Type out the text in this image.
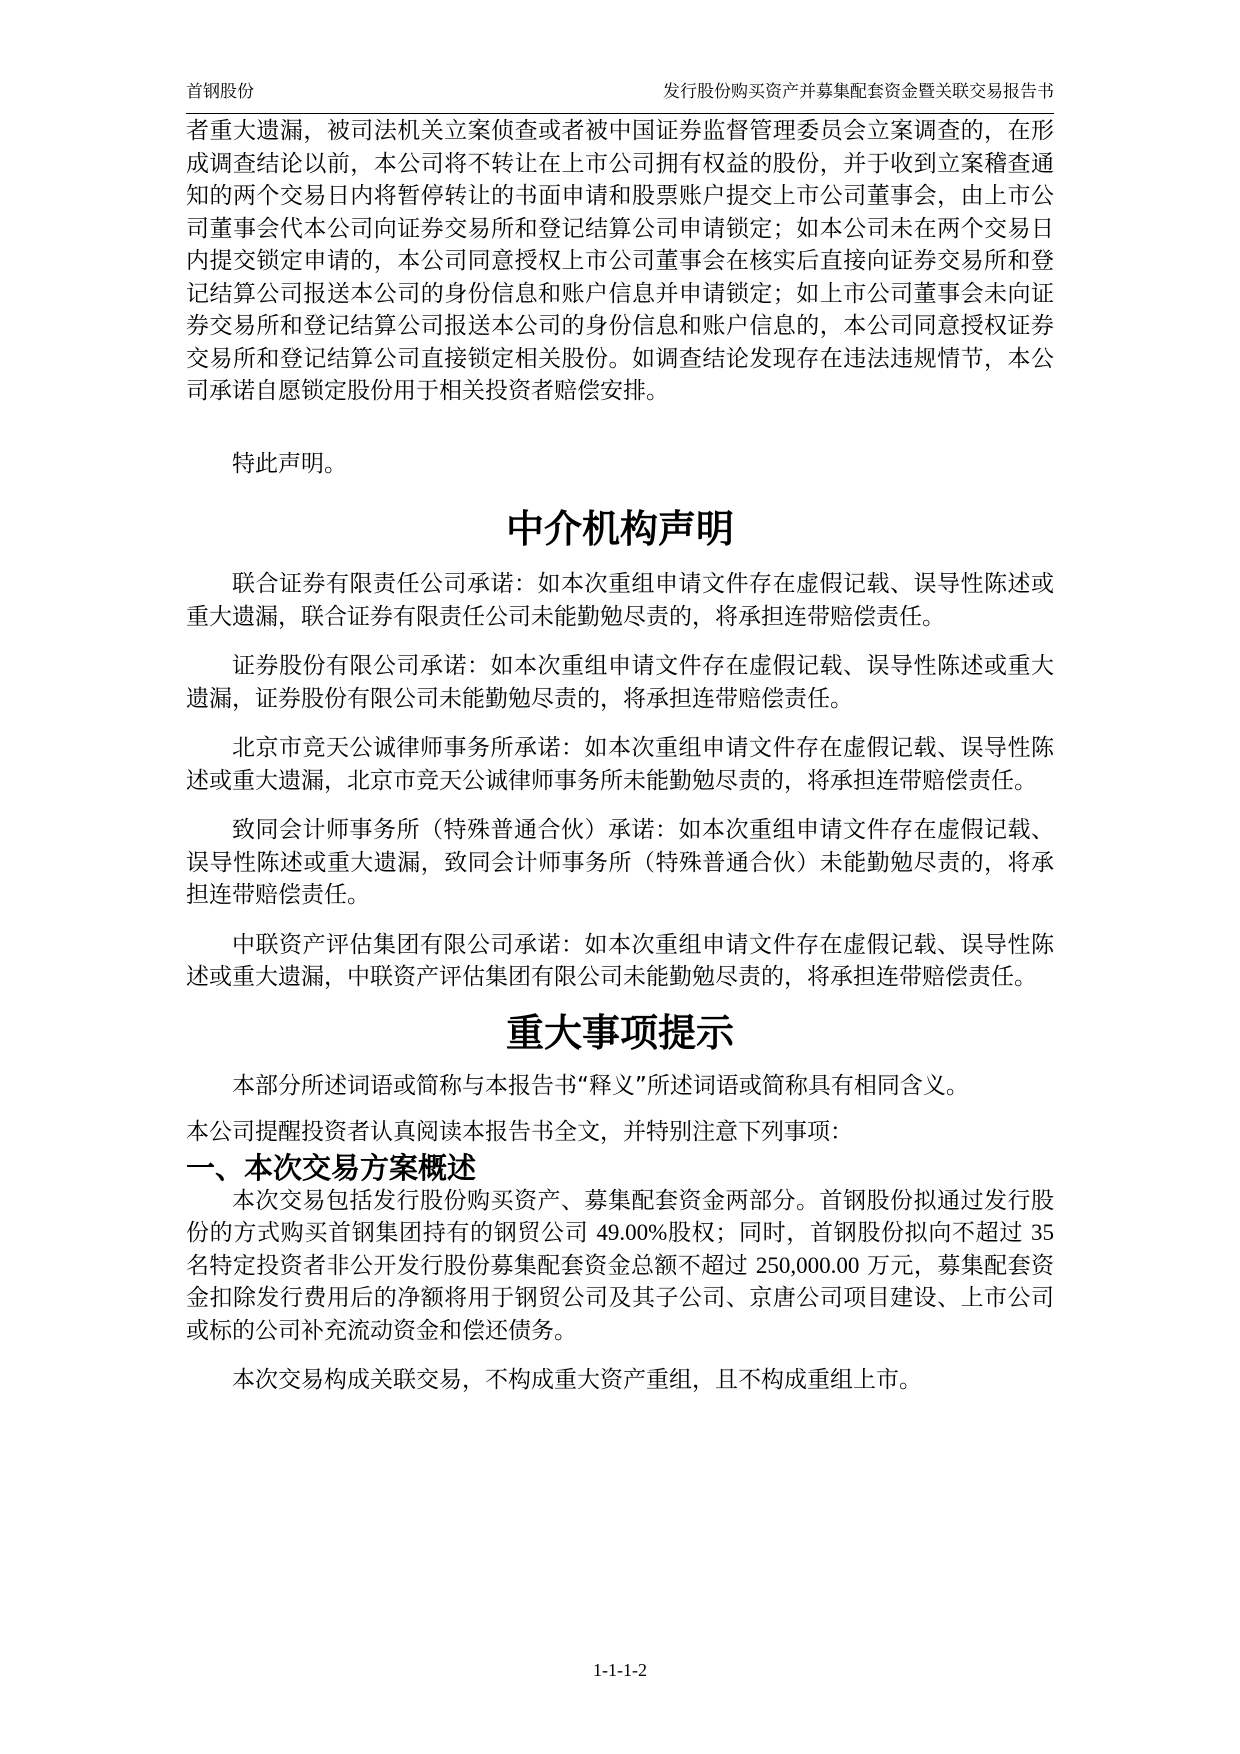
首钢股份	发行股份购买资产并募集配套资金暨关联交易报告书

者重大遗漏，被司法机关立案侦查或者被中国证券监督管理委员会立案调查的，在形成调查结论以前，本公司将不转让在上市公司拥有权益的股份，并于收到立案稽查通知的两个交易日内将暂停转让的书面申请和股票账户提交上市公司董事会，由上市公司董事会代本公司向证券交易所和登记结算公司申请锁定；如本公司未在两个交易日内提交锁定申请的，本公司同意授权上市公司董事会在核实后直接向证券交易所和登记结算公司报送本公司的身份信息和账户信息并申请锁定；如上市公司董事会未向证券交易所和登记结算公司报送本公司的身份信息和账户信息的，本公司同意授权证券交易所和登记结算公司直接锁定相关股份。如调查结论发现存在违法违规情节，本公司承诺自愿锁定股份用于相关投资者赔偿安排。

特此声明。

中介机构声明

联合证券有限责任公司承诺：如本次重组申请文件存在虚假记载、误导性陈述或重大遗漏，联合证券有限责任公司未能勤勉尽责的，将承担连带赔偿责任。

证券股份有限公司承诺：如本次重组申请文件存在虚假记载、误导性陈述或重大遗漏，证券股份有限公司未能勤勉尽责的，将承担连带赔偿责任。

北京市竞天公诚律师事务所承诺：如本次重组申请文件存在虚假记载、误导性陈述或重大遗漏，北京市竞天公诚律师事务所未能勤勉尽责的，将承担连带赔偿责任。

致同会计师事务所（特殊普通合伙）承诺：如本次重组申请文件存在虚假记载、误导性陈述或重大遗漏，致同会计师事务所（特殊普通合伙）未能勤勉尽责的，将承担连带赔偿责任。

中联资产评估集团有限公司承诺：如本次重组申请文件存在虚假记载、误导性陈述或重大遗漏，中联资产评估集团有限公司未能勤勉尽责的，将承担连带赔偿责任。

重大事项提示

本部分所述词语或简称与本报告书“释义”所述词语或简称具有相同含义。

本公司提醒投资者认真阅读本报告书全文，并特别注意下列事项：

一、本次交易方案概述

本次交易包括发行股份购买资产、募集配套资金两部分。首钢股份拟通过发行股份的方式购买首钢集团持有的钢贸公司 49.00%股权；同时，首钢股份拟向不超过 35 名特定投资者非公开发行股份募集配套资金总额不超过 250,000.00 万元，募集配套资金扣除发行费用后的净额将用于钢贸公司及其子公司、京唐公司项目建设、上市公司或标的公司补充流动资金和偿还债务。

本次交易构成关联交易，不构成重大资产重组，且不构成重组上市。

1-1-1-2
